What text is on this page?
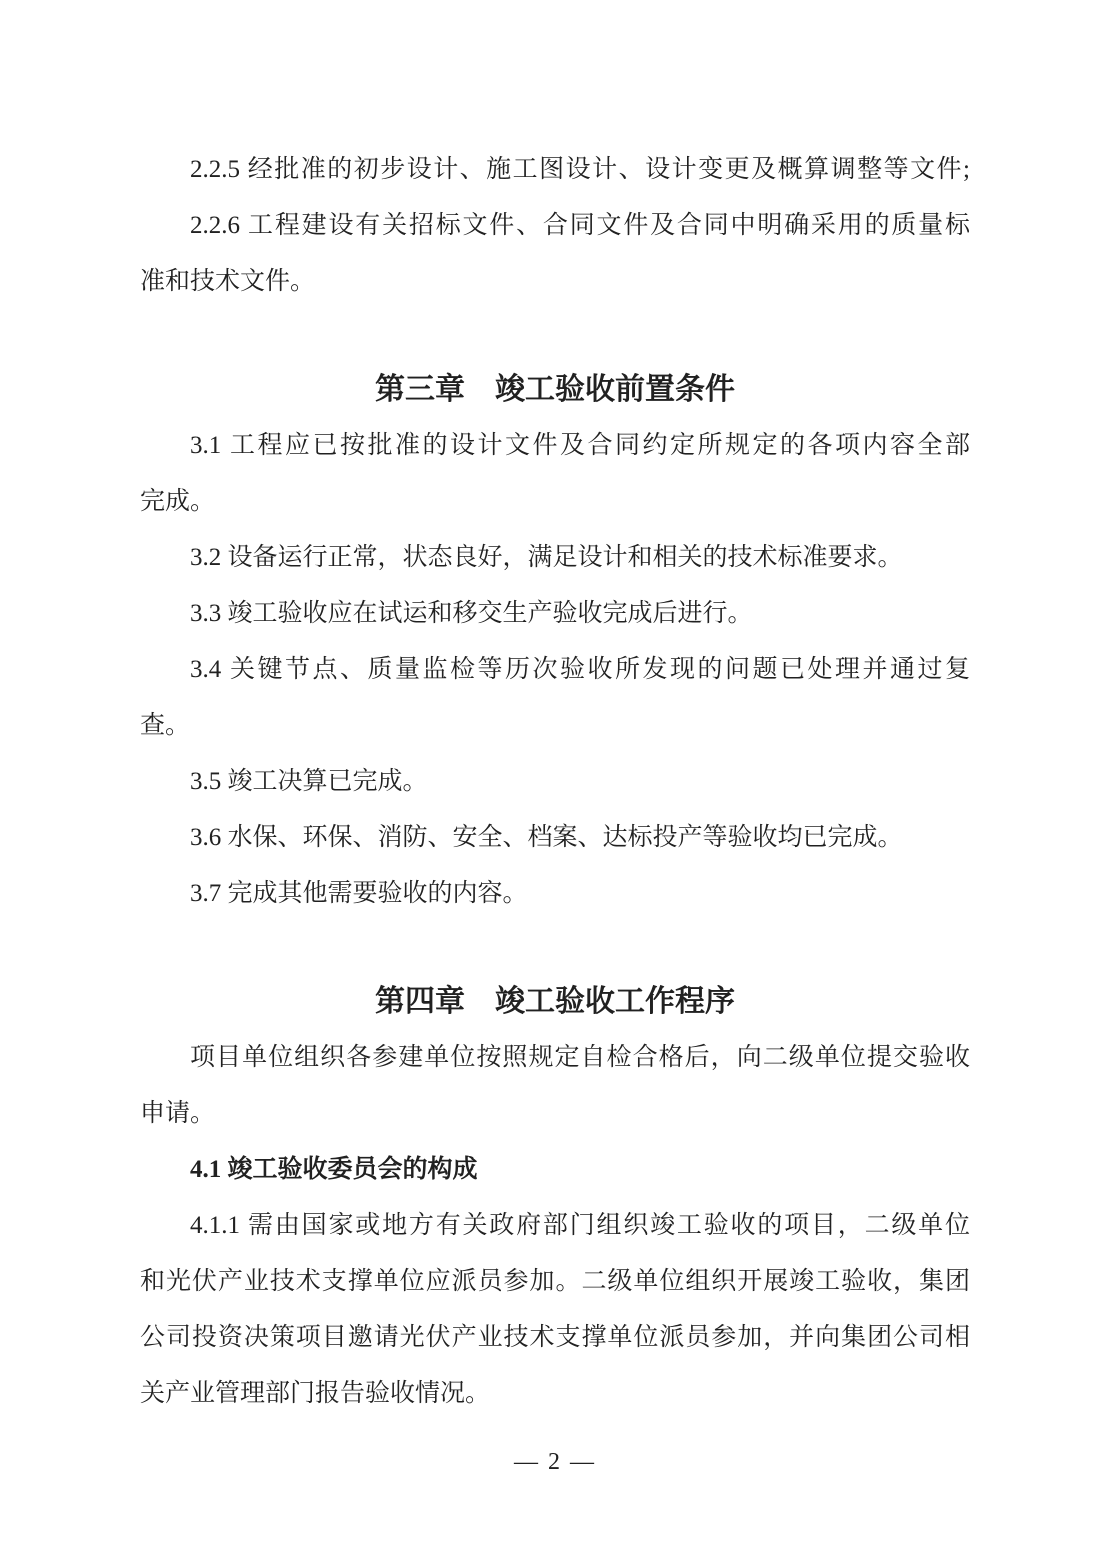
2.2.5 经批准的初步设计、施工图设计、设计变更及概算调整等文件;
2.2.6 工程建设有关招标文件、合同文件及合同中明确采用的质量标
准和技术文件。
第三章　竣工验收前置条件
3.1 工程应已按批准的设计文件及合同约定所规定的各项内容全部
完成。
3.2 设备运行正常，状态良好，满足设计和相关的技术标准要求。
3.3 竣工验收应在试运和移交生产验收完成后进行。
3.4 关键节点、质量监检等历次验收所发现的问题已处理并通过复
查。
3.5 竣工决算已完成。
3.6 水保、环保、消防、安全、档案、达标投产等验收均已完成。
3.7 完成其他需要验收的内容。
第四章　竣工验收工作程序
项目单位组织各参建单位按照规定自检合格后，向二级单位提交验收
申请。
4.1 竣工验收委员会的构成
4.1.1 需由国家或地方有关政府部门组织竣工验收的项目，二级单位
和光伏产业技术支撑单位应派员参加。二级单位组织开展竣工验收，集团
公司投资决策项目邀请光伏产业技术支撑单位派员参加，并向集团公司相
关产业管理部门报告验收情况。
— 2 —
